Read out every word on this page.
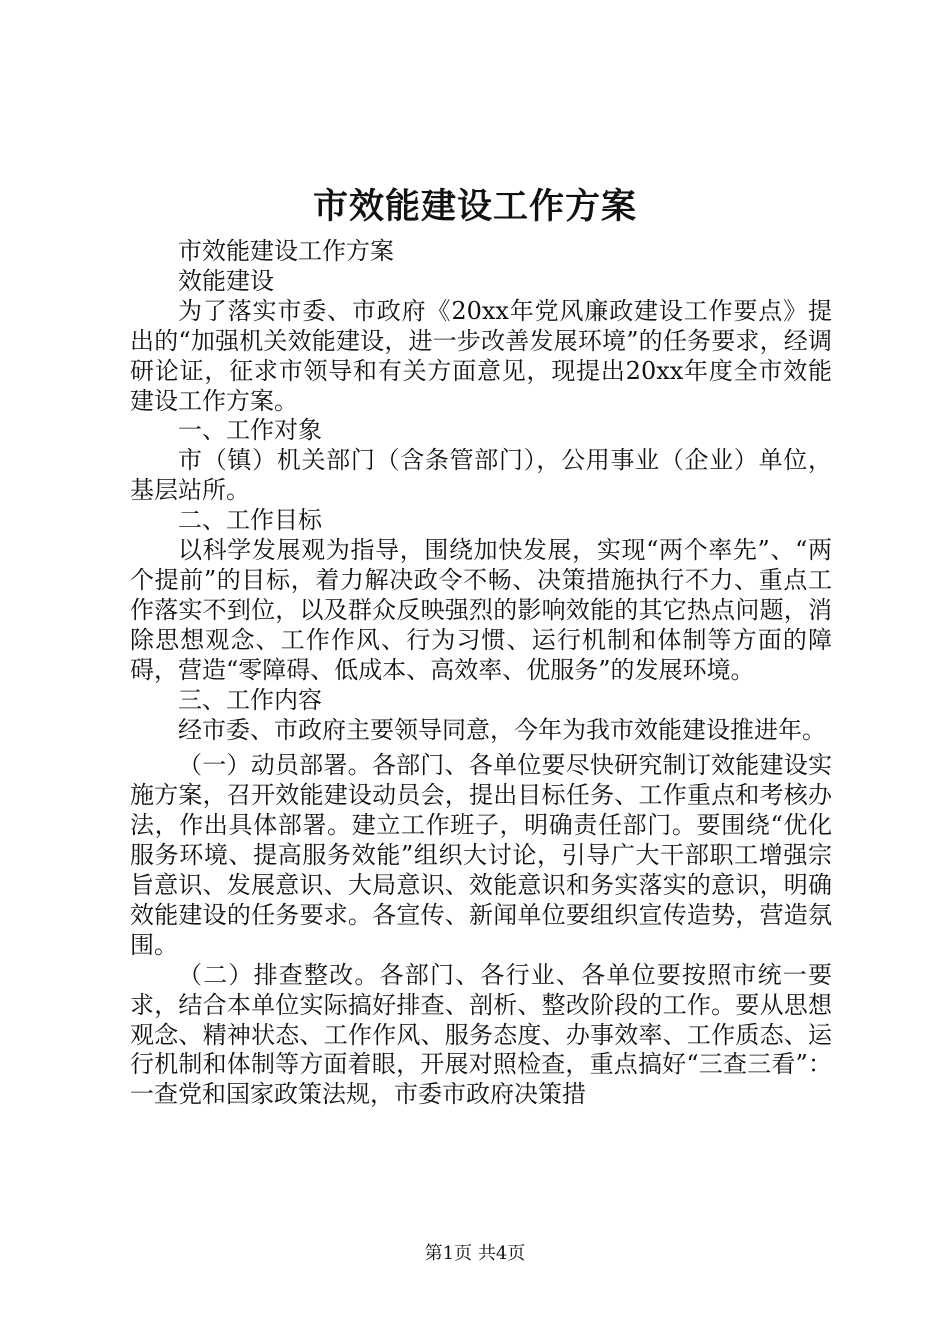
市效能建设工作方案

市效能建设工作方案

效能建设

为了落实市委、市政府《20xx年党风廉政建设工作要点》提出的“加强机关效能建设，进一步改善发展环境”的任务要求，经调研论证，征求市领导和有关方面意见，现提出20xx年度全市效能建设工作方案。

一、工作对象

市（镇）机关部门（含条管部门），公用事业（企业）单位，基层站所。

二、工作目标

以科学发展观为指导，围绕加快发展，实现“两个率先”、“两个提前”的目标，着力解决政令不畅、决策措施执行不力、重点工作落实不到位，以及群众反映强烈的影响效能的其它热点问题，消除思想观念、工作作风、行为习惯、运行机制和体制等方面的障碍，营造“零障碍、低成本、高效率、优服务”的发展环境。

三、工作内容

经市委、市政府主要领导同意，今年为我市效能建设推进年。

（一）动员部署。各部门、各单位要尽快研究制订效能建设实施方案，召开效能建设动员会，提出目标任务、工作重点和考核办法，作出具体部署。建立工作班子，明确责任部门。要围绕“优化服务环境、提高服务效能”组织大讨论，引导广大干部职工增强宗旨意识、发展意识、大局意识、效能意识和务实落实的意识，明确效能建设的任务要求。各宣传、新闻单位要组织宣传造势，营造氛围。

（二）排查整改。各部门、各行业、各单位要按照市统一要求，结合本单位实际搞好排查、剖析、整改阶段的工作。要从思想观念、精神状态、工作作风、服务态度、办事效率、工作质态、运行机制和体制等方面着眼，开展对照检查，重点搞好“三查三看”：一查党和国家政策法规，市委市政府决策措

第1页 共4页
